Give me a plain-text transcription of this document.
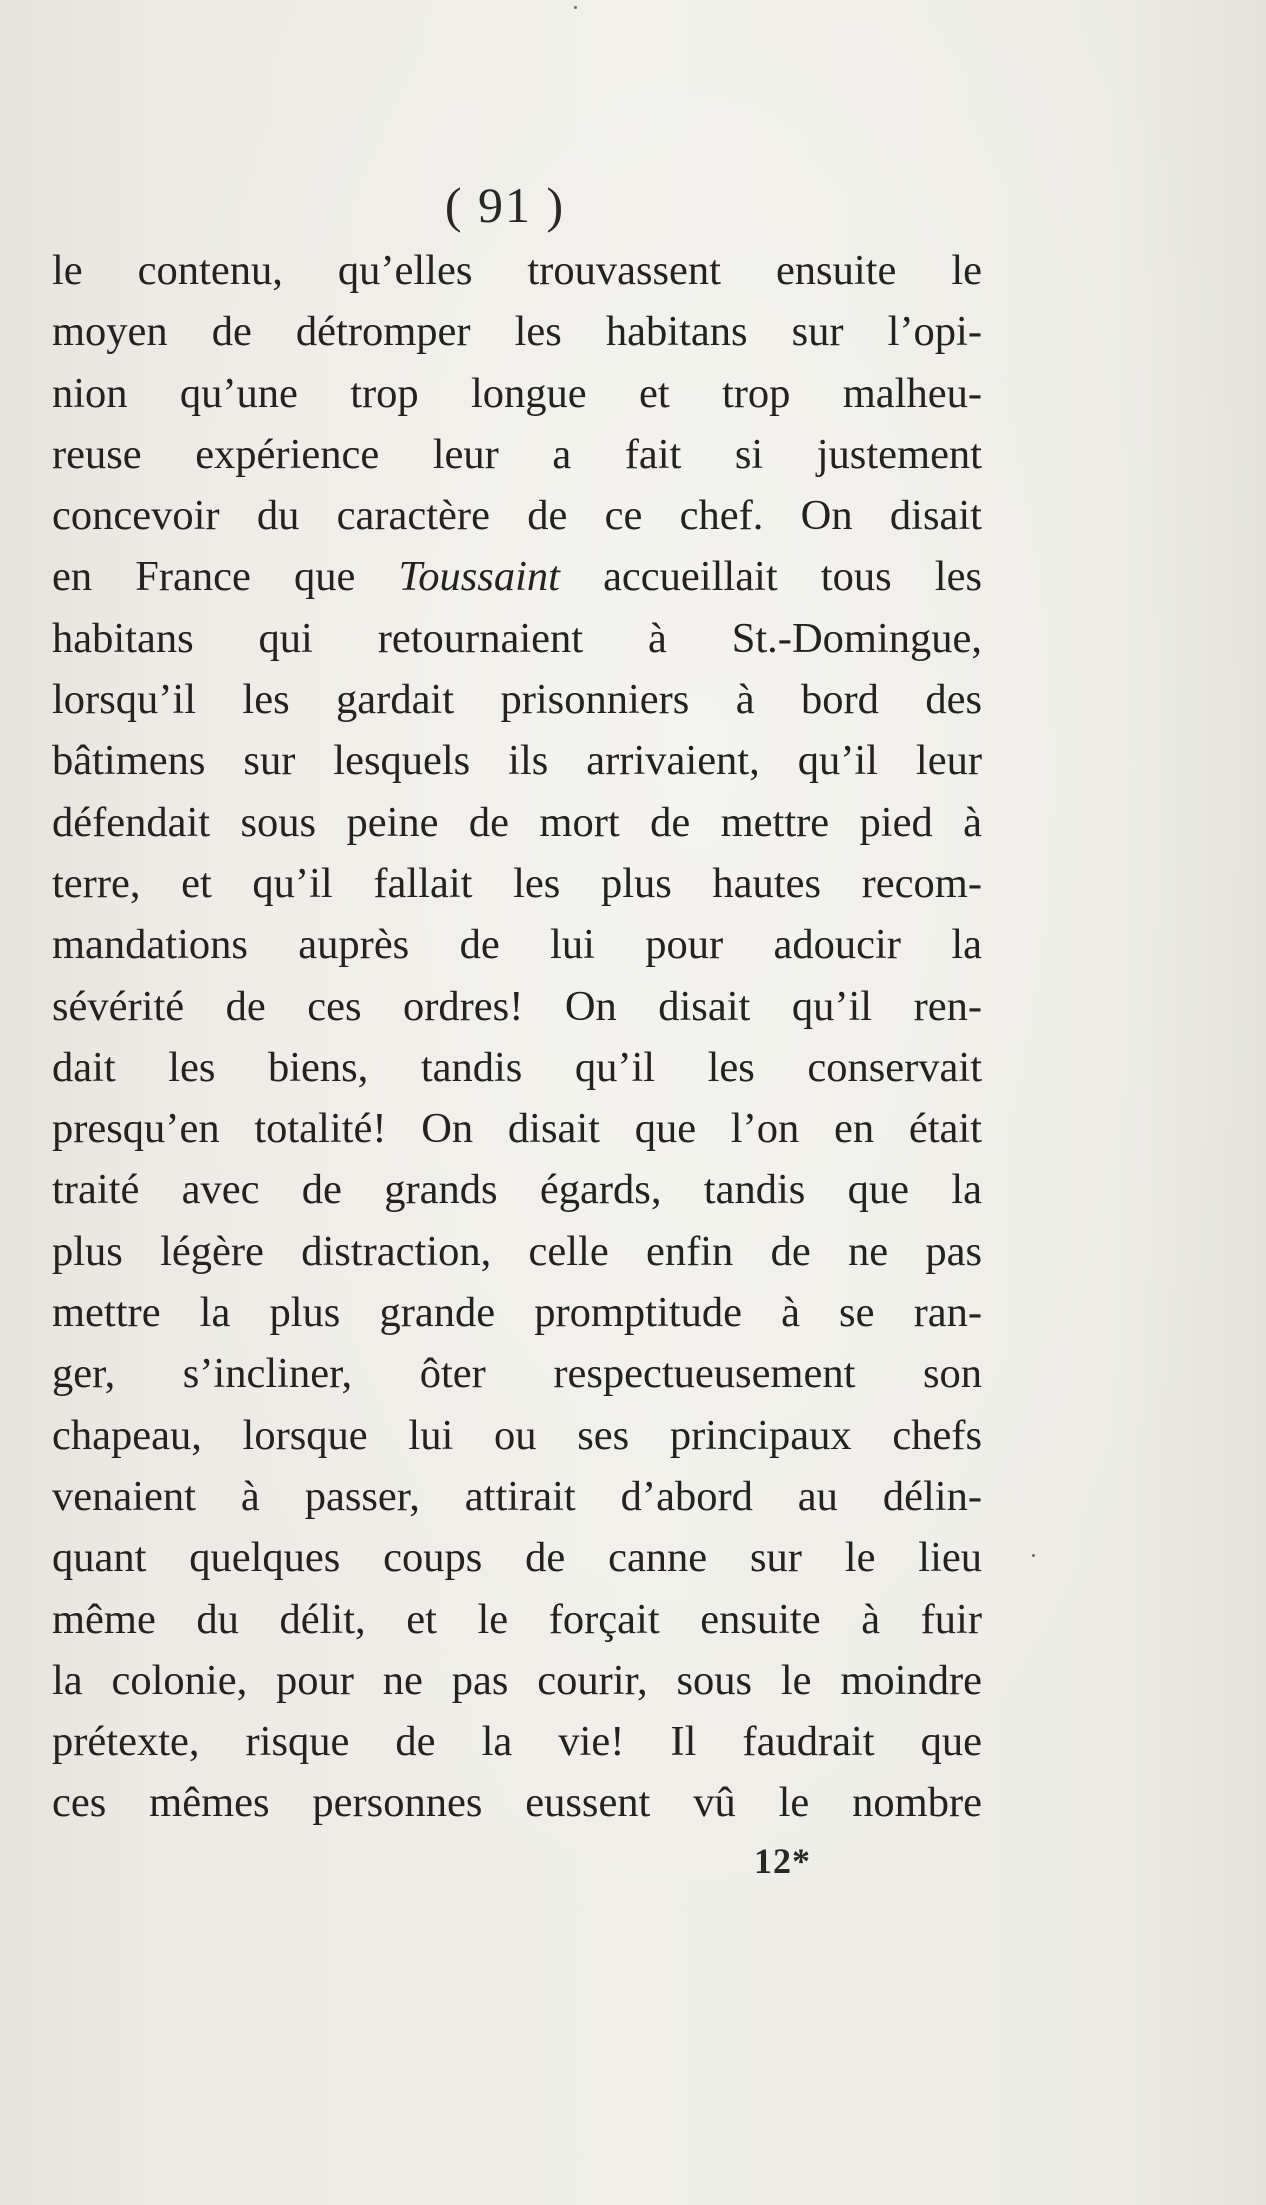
( 91 )
le contenu, qu’elles trouvassent ensuite le
moyen de détromper les habitans sur l’opi-
nion qu’une trop longue et trop malheu-
reuse expérience leur a fait si justement
concevoir du caractère de ce chef. On disait
en France que Toussaint accueillait tous les
habitans qui retournaient à St.-Domingue,
lorsqu’il les gardait prisonniers à bord des
bâtimens sur lesquels ils arrivaient, qu’il leur
défendait sous peine de mort de mettre pied à
terre, et qu’il fallait les plus hautes recom-
mandations auprès de lui pour adoucir la
sévérité de ces ordres! On disait qu’il ren-
dait les biens, tandis qu’il les conservait
presqu’en totalité! On disait que l’on en était
traité avec de grands égards, tandis que la
plus légère distraction, celle enfin de ne pas
mettre la plus grande promptitude à se ran-
ger, s’incliner, ôter respectueusement son
chapeau, lorsque lui ou ses principaux chefs
venaient à passer, attirait d’abord au délin-
quant quelques coups de canne sur le lieu
même du délit, et le forçait ensuite à fuir
la colonie, pour ne pas courir, sous le moindre
prétexte, risque de la vie! Il faudrait que
ces mêmes personnes eussent vû le nombre
12*
